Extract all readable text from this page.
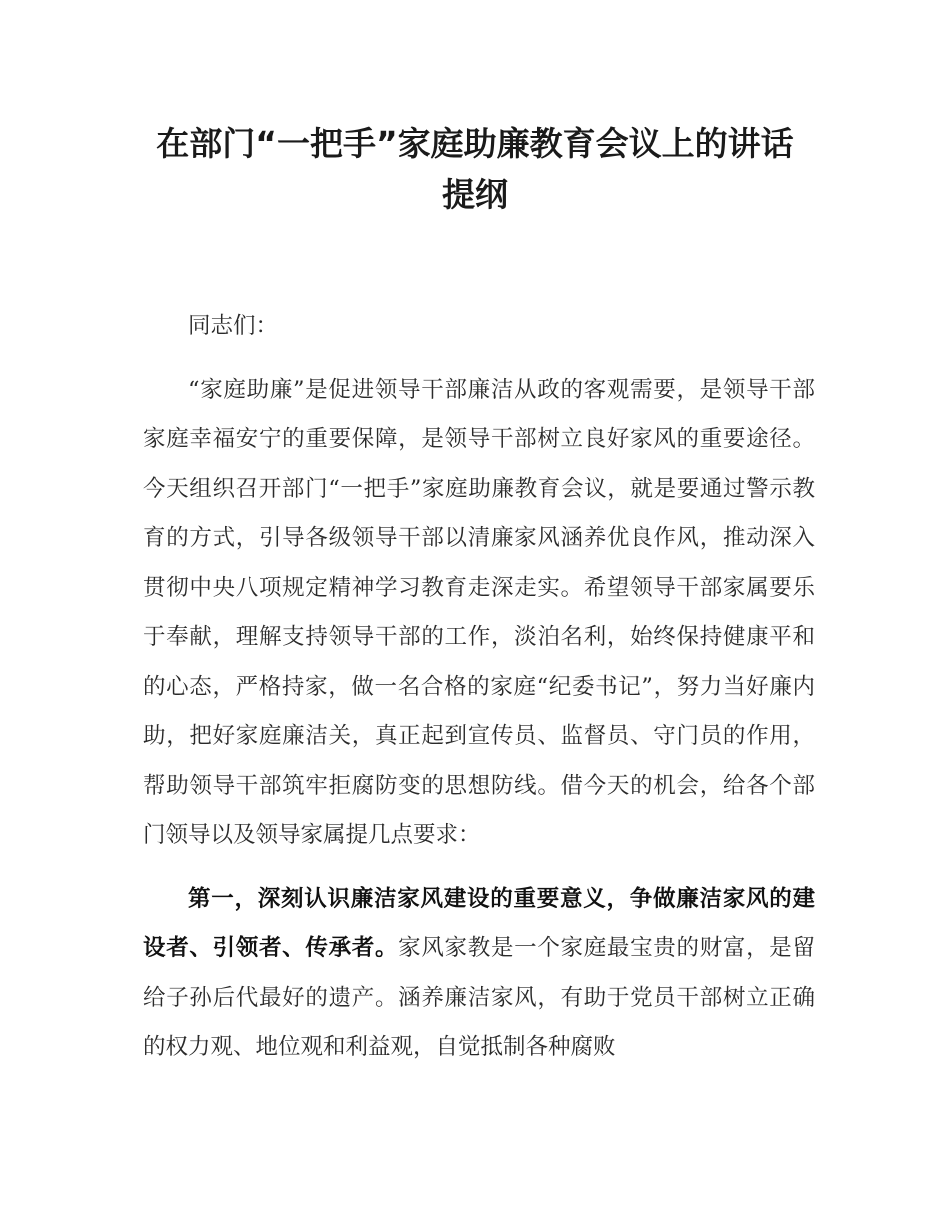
在部门“一把手”家庭助廉教育会议上的讲话提纲

同志们：

“家庭助廉”是促进领导干部廉洁从政的客观需要，是领导干部家庭幸福安宁的重要保障，是领导干部树立良好家风的重要途径。今天组织召开部门“一把手”家庭助廉教育会议，就是要通过警示教育的方式，引导各级领导干部以清廉家风涵养优良作风，推动深入贯彻中央八项规定精神学习教育走深走实。希望领导干部家属要乐于奉献，理解支持领导干部的工作，淡泊名利，始终保持健康平和的心态，严格持家，做一名合格的家庭“纪委书记”，努力当好廉内助，把好家庭廉洁关，真正起到宣传员、监督员、守门员的作用，帮助领导干部筑牢拒腐防变的思想防线。借今天的机会，给各个部门领导以及领导家属提几点要求：

第一，深刻认识廉洁家风建设的重要意义，争做廉洁家风的建设者、引领者、传承者。家风家教是一个家庭最宝贵的财富，是留给子孙后代最好的遗产。涵养廉洁家风，有助于党员干部树立正确的权力观、地位观和利益观，自觉抵制各种腐败
